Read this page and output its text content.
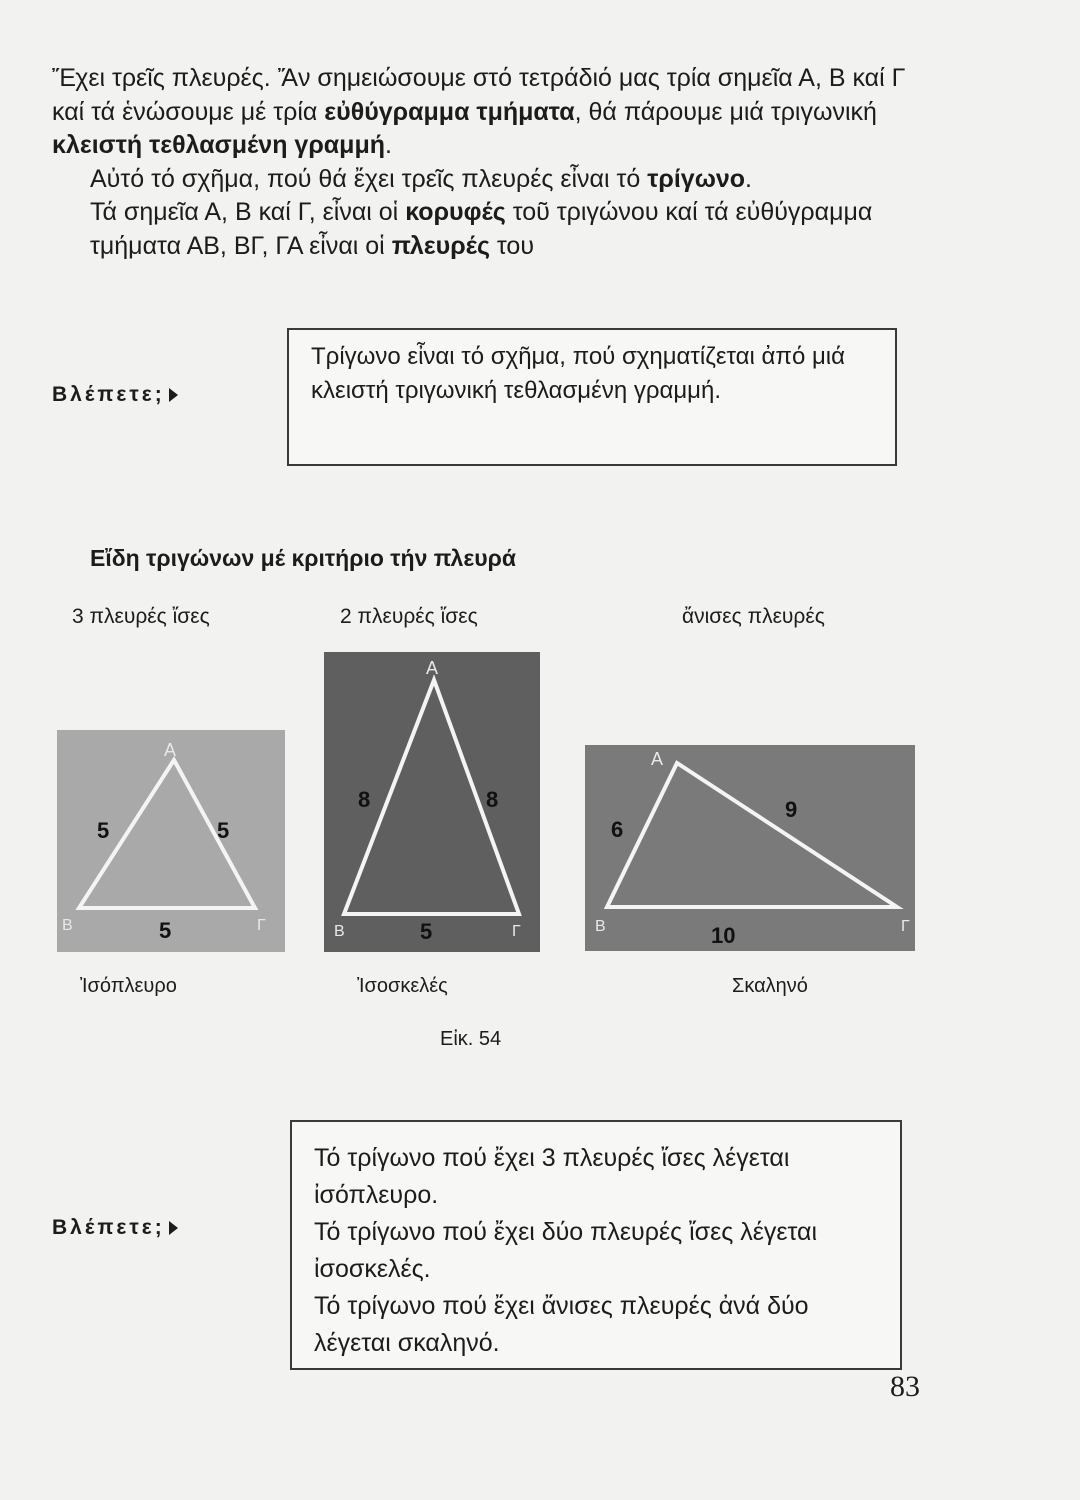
Ἔχει τρεῖς πλευρές. Ἄν σημειώσουμε στό τετράδιό μας τρία σημεῖα Α, Β καί Γ καί τά ἑνώσουμε μέ τρία εὐθύγραμμα τμήματα, θά πάρουμε μιά τριγωνική κλειστή τεθλασμένη γραμμή.
Αὐτό τό σχῆμα, πού θά ἔχει τρεῖς πλευρές εἶναι τό τρίγωνο.
Τά σημεῖα Α, Β καί Γ, εἶναι οἱ κορυφές τοῦ τριγώνου καί τά εὐθύγραμμα τμήματα ΑΒ, ΒΓ, ΓΑ εἶναι οἱ πλευρές του
Βλέπετε;
Τρίγωνο εἶναι τό σχῆμα, πού σχηματίζεται ἀπό μιά κλειστή τριγωνική τεθλασμένη γραμμή.
Εἴδη τριγώνων μέ κριτήριο τήν πλευρά
3 πλευρές ἴσες	2 πλευρές ἴσες	ἄνισες πλευρές
Α
Β	Γ
5	5
5
Α
Β	Γ
8	8
5
Α
Β	Γ
6
9
10
Ἰσόπλευρο	Ἰσοσκελές	Σκαληνό
Εἰκ. 54
Βλέπετε;
Τό τρίγωνο πού ἔχει 3 πλευρές ἴσες λέγεται ἰσόπλευρο.
Τό τρίγωνο πού ἔχει δύο πλευρές ἴσες λέγεται ἰσοσκελές.
Τό τρίγωνο πού ἔχει ἄνισες πλευρές ἀνά δύο λέγεται σκαληνό.
83
